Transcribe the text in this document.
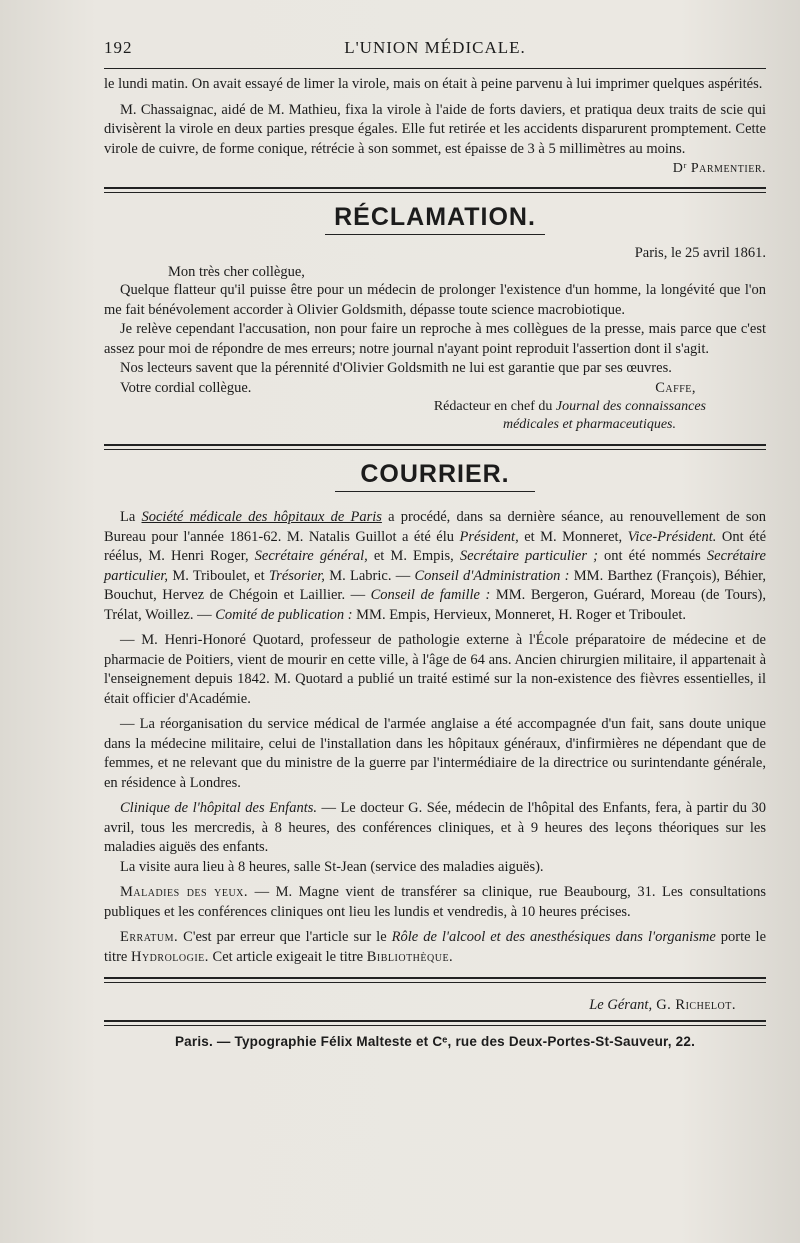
192	L'UNION MÉDICALE.

le lundi matin. On avait essayé de limer la virole, mais on était à peine parvenu à lui imprimer quelques aspérités.

M. Chassaignac, aidé de M. Mathieu, fixa la virole à l'aide de forts daviers, et pratiqua deux traits de scie qui divisèrent la virole en deux parties presque égales. Elle fut retirée et les accidents disparurent promptement. Cette virole de cuivre, de forme conique, rétrécie à son sommet, est épaisse de 3 à 5 millimètres au moins.

Dʳ Parmentier.
RÉCLAMATION.
Paris, le 25 avril 1861.
Mon très cher collègue,

Quelque flatteur qu'il puisse être pour un médecin de prolonger l'existence d'un homme, la longévité que l'on me fait bénévolement accorder à Olivier Goldsmith, dépasse toute science macrobiotique.

Je relève cependant l'accusation, non pour faire un reproche à mes collègues de la presse, mais parce que c'est assez pour moi de répondre de mes erreurs; notre journal n'ayant point reproduit l'assertion dont il s'agit.

Nos lecteurs savent que la pérennité d'Olivier Goldsmith ne lui est garantie que par ses œuvres.

Votre cordial collègue.	Caffe,
Rédacteur en chef du Journal des connaissances
médicales et pharmaceutiques.
COURRIER.

La Société médicale des hôpitaux de Paris a procédé, dans sa dernière séance, au renouvellement de son Bureau pour l'année 1861-62. M. Natalis Guillot a été élu Président, et M. Monneret, Vice-Président. Ont été réélus, M. Henri Roger, Secrétaire général, et M. Empis, Secrétaire particulier ; ont été nommés Secrétaire particulier, M. Triboulet, et Trésorier, M. Labric. — Conseil d'Administration : MM. Barthez (François), Béhier, Bouchut, Hervez de Chégoin et Laillier. — Conseil de famille : MM. Bergeron, Guérard, Moreau (de Tours), Trélat, Woillez. — Comité de publication : MM. Empis, Hervieux, Monneret, H. Roger et Triboulet.

— M. Henri-Honoré Quotard, professeur de pathologie externe à l'École préparatoire de médecine et de pharmacie de Poitiers, vient de mourir en cette ville, à l'âge de 64 ans. Ancien chirurgien militaire, il appartenait à l'enseignement depuis 1842. M. Quotard a publié un traité estimé sur la non-existence des fièvres essentielles, il était officier d'Académie.

— La réorganisation du service médical de l'armée anglaise a été accompagnée d'un fait, sans doute unique dans la médecine militaire, celui de l'installation dans les hôpitaux généraux, d'infirmières ne dépendant que de femmes, et ne relevant que du ministre de la guerre par l'intermédiaire de la directrice ou surintendante générale, en résidence à Londres.

Clinique de l'hôpital des Enfants. — Le docteur G. Sée, médecin de l'hôpital des Enfants, fera, à partir du 30 avril, tous les mercredis, à 8 heures, des conférences cliniques, et à 9 heures des leçons théoriques sur les maladies aiguës des enfants.

La visite aura lieu à 8 heures, salle St-Jean (service des maladies aiguës).

Maladies des yeux. — M. Magne vient de transférer sa clinique, rue Beaubourg, 31. Les consultations publiques et les conférences cliniques ont lieu les lundis et vendredis, à 10 heures précises.

Erratum. C'est par erreur que l'article sur le Rôle de l'alcool et des anesthésiques dans l'organisme porte le titre Hydrologie. Cet article exigeait le titre Bibliothèque.

Le Gérant, G. Richelot.
Paris. — Typographie Félix Malteste et Cᵉ, rue des Deux-Portes-St-Sauveur, 22.
